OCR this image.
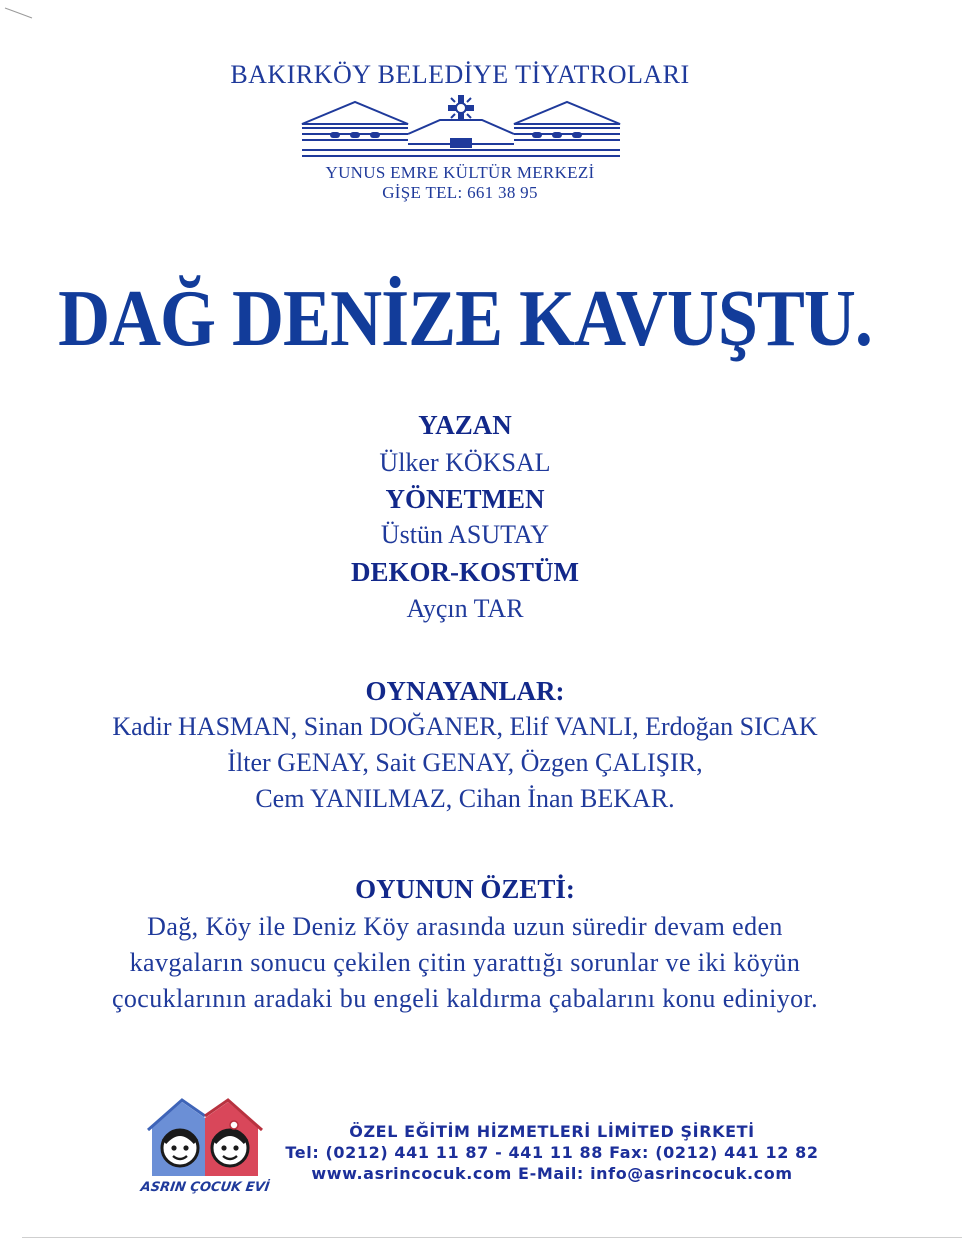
BAKIRKÖY BELEDİYE TİYATROLARI
YUNUS EMRE KÜLTÜR MERKEZİ
GİŞE TEL: 661 38 95
DAĞ DENİZE KAVUŞTU.
YAZAN
Ülker KÖKSAL
YÖNETMEN
Üstün ASUTAY
DEKOR-KOSTÜM
Ayçın TAR
OYNAYANLAR:
Kadir HASMAN, Sinan DOĞANER, Elif VANLI, Erdoğan SICAK
İlter GENAY, Sait GENAY, Özgen ÇALIŞIR,
Cem YANILMAZ, Cihan İnan BEKAR.
OYUNUN ÖZETİ:
Dağ, Köy ile Deniz Köy arasında uzun süredir devam eden
kavgaların sonucu çekilen çitin yarattığı sorunlar ve iki köyün
çocuklarının aradaki bu engeli kaldırma çabalarını konu ediniyor.
ASRIN ÇOCUK EVİ
ÖZEL EĞİTİM HİZMETLERİ LİMİTED ŞİRKETİ
Tel: (0212) 441 11 87 - 441 11 88 Fax: (0212) 441 12 82
www.asrincocuk.com E-Mail: info@asrincocuk.com
